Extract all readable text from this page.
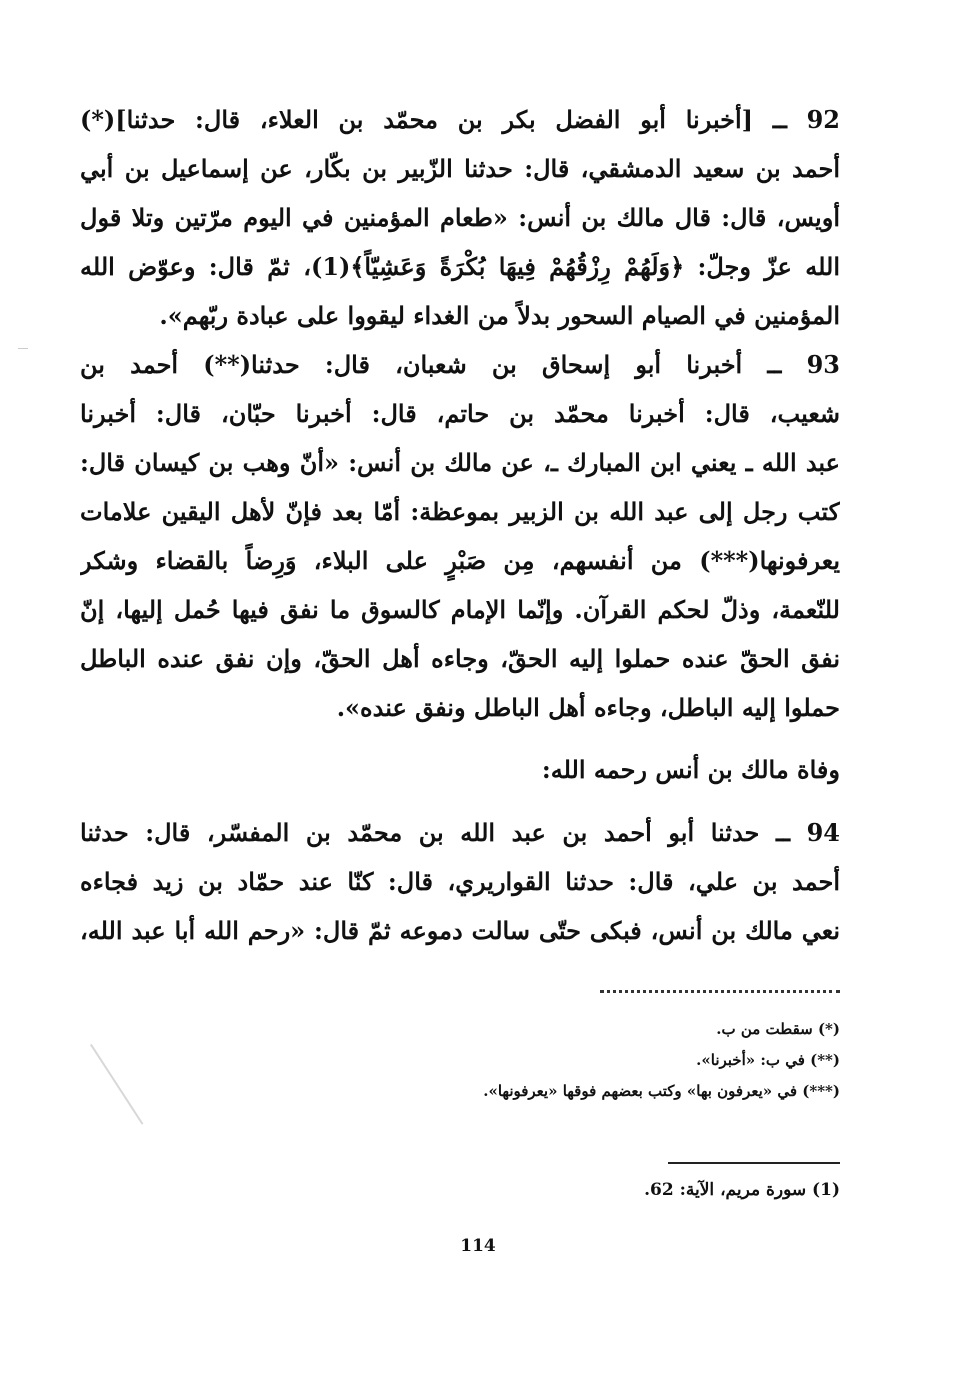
92 ــ [أخبرنا أبو الفضل بكر بن محمّد بن العلاء، قال: حدثنا](*)
أحمد بن سعيد الدمشقي، قال: حدثنا الزّبير بن بكّار، عن إسماعيل بن أبي
أويس، قال: قال مالك بن أنس: «طعام المؤمنين في اليوم مرّتين وتلا قول
الله عزّ وجلّ: ﴿وَلَهُمْ رِزْقُهُمْ فِيهَا بُكْرَةً وَعَشِيّاً﴾(1)، ثمّ قال: وعوّض الله
المؤمنين في الصيام السحور بدلاً من الغداء ليقووا على عبادة ربّهم».
93 ــ أخبرنا أبو إسحاق بن شعبان، قال: حدثنا(**) أحمد بن
شعيب، قال: أخبرنا محمّد بن حاتم، قال: أخبرنا حبّان، قال: أخبرنا
عبد الله ـ يعني ابن المبارك ـ، عن مالك بن أنس: «أنّ وهب بن كيسان قال:
كتب رجل إلى عبد الله بن الزبير بموعظة: أمّا بعد فإنّ لأهل اليقين علامات
يعرفونها(***) من أنفسهم، مِن صَبْرٍ على البلاء، وَرِضاً بالقضاء وشكر
للنّعمة، وذلّ لحكم القرآن. وإنّما الإمام كالسوق ما نفق فيها حُمل إليها، إنّ
نفق الحقّ عنده حملوا إليه الحقّ، وجاءه أهل الحقّ، وإن نفق عنده الباطل
حملوا إليه الباطل، وجاءه أهل الباطل ونفق عنده».
وفاة مالك بن أنس رحمه الله:
94 ــ حدثنا أبو أحمد بن عبد الله بن محمّد بن المفسّر، قال: حدثنا
أحمد بن علي، قال: حدثنا القواريري، قال: كنّا عند حمّاد بن زيد فجاءه
نعي مالك بن أنس، فبكى حتّى سالت دموعه ثمّ قال: «رحم الله أبا عبد الله،
(*) سقطت من ب.
(**) في ب: «أخبرنا».
(***) في «يعرفون بها» وكتب بعضهم فوقها «يعرفونها».
(1) سورة مريم، الآية: 62.
114
